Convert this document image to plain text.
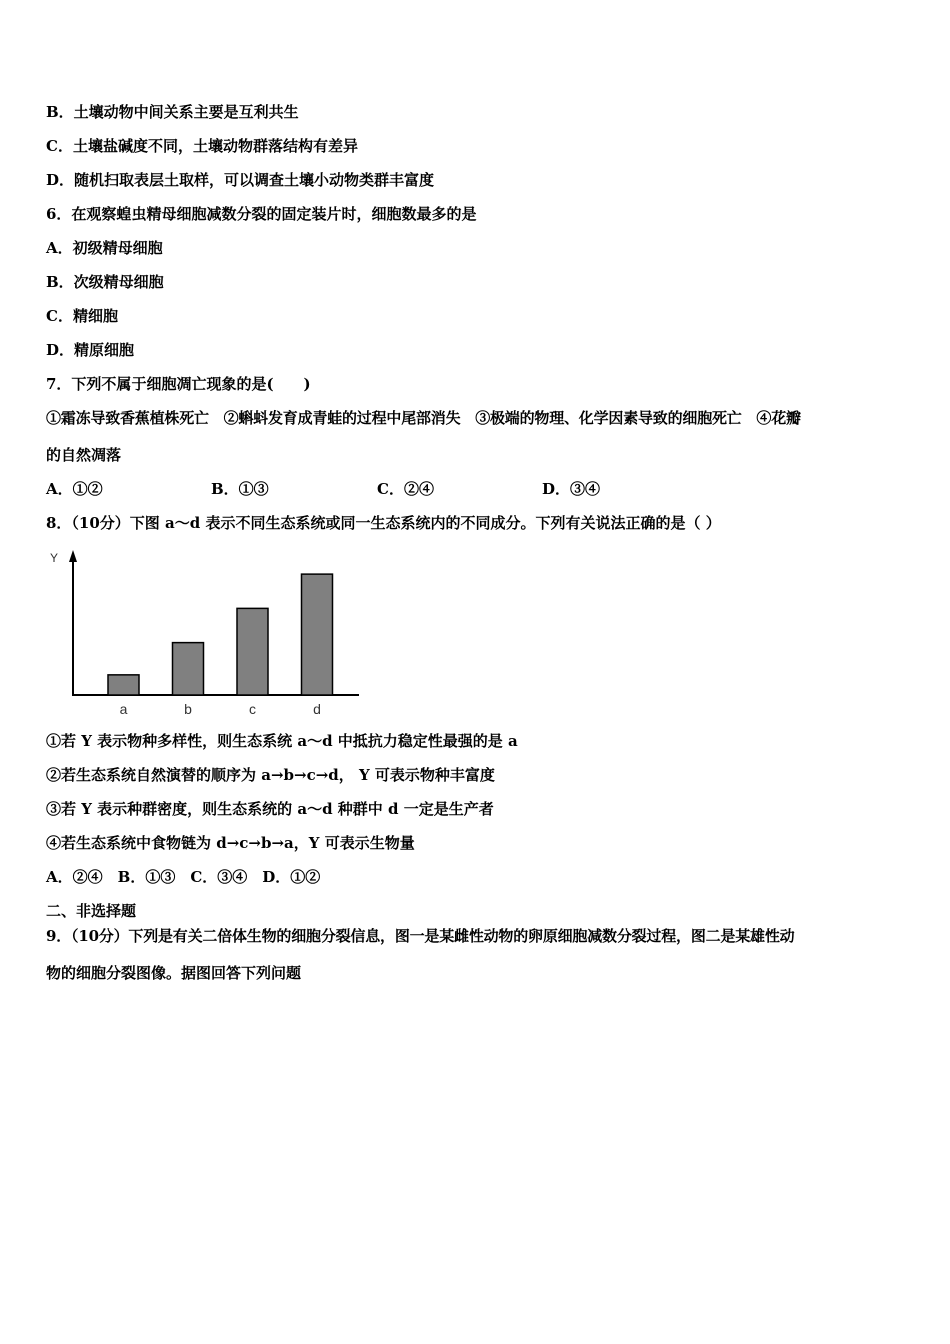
B．土壤动物中间关系主要是互利共生
C．土壤盐碱度不同，土壤动物群落结构有差异
D．随机扫取表层土取样，可以调查土壤小动物类群丰富度
6．在观察蝗虫精母细胞减数分裂的固定装片时，细胞数最多的是
A．初级精母细胞
B．次级精母细胞
C．精细胞
D．精原细胞
7．下列不属于细胞凋亡现象的是(　　)
①霜冻导致香蕉植株死亡　②蝌蚪发育成青蛙的过程中尾部消失　③极端的物理、化学因素导致的细胞死亡　④花瓣
的自然凋落
A．①②	B．①③	C．②④	D．③④
8．（10分）下图 a～d 表示不同生态系统或同一生态系统内的不同成分。下列有关说法正确的是（ ）
Y
a	b	c	d
①若 Y 表示物种多样性，则生态系统 a～d 中抵抗力稳定性最强的是 a
②若生态系统自然演替的顺序为 a→b→c→d， Y 可表示物种丰富度
③若 Y 表示种群密度，则生态系统的 a～d 种群中 d 一定是生产者
④若生态系统中食物链为 d→c→b→a，Y 可表示生物量
A．②④　B．①③　C．③④　D．①②
二、非选择题
9．（10分）下列是有关二倍体生物的细胞分裂信息，图一是某雌性动物的卵原细胞减数分裂过程，图二是某雄性动
物的细胞分裂图像。据图回答下列问题
